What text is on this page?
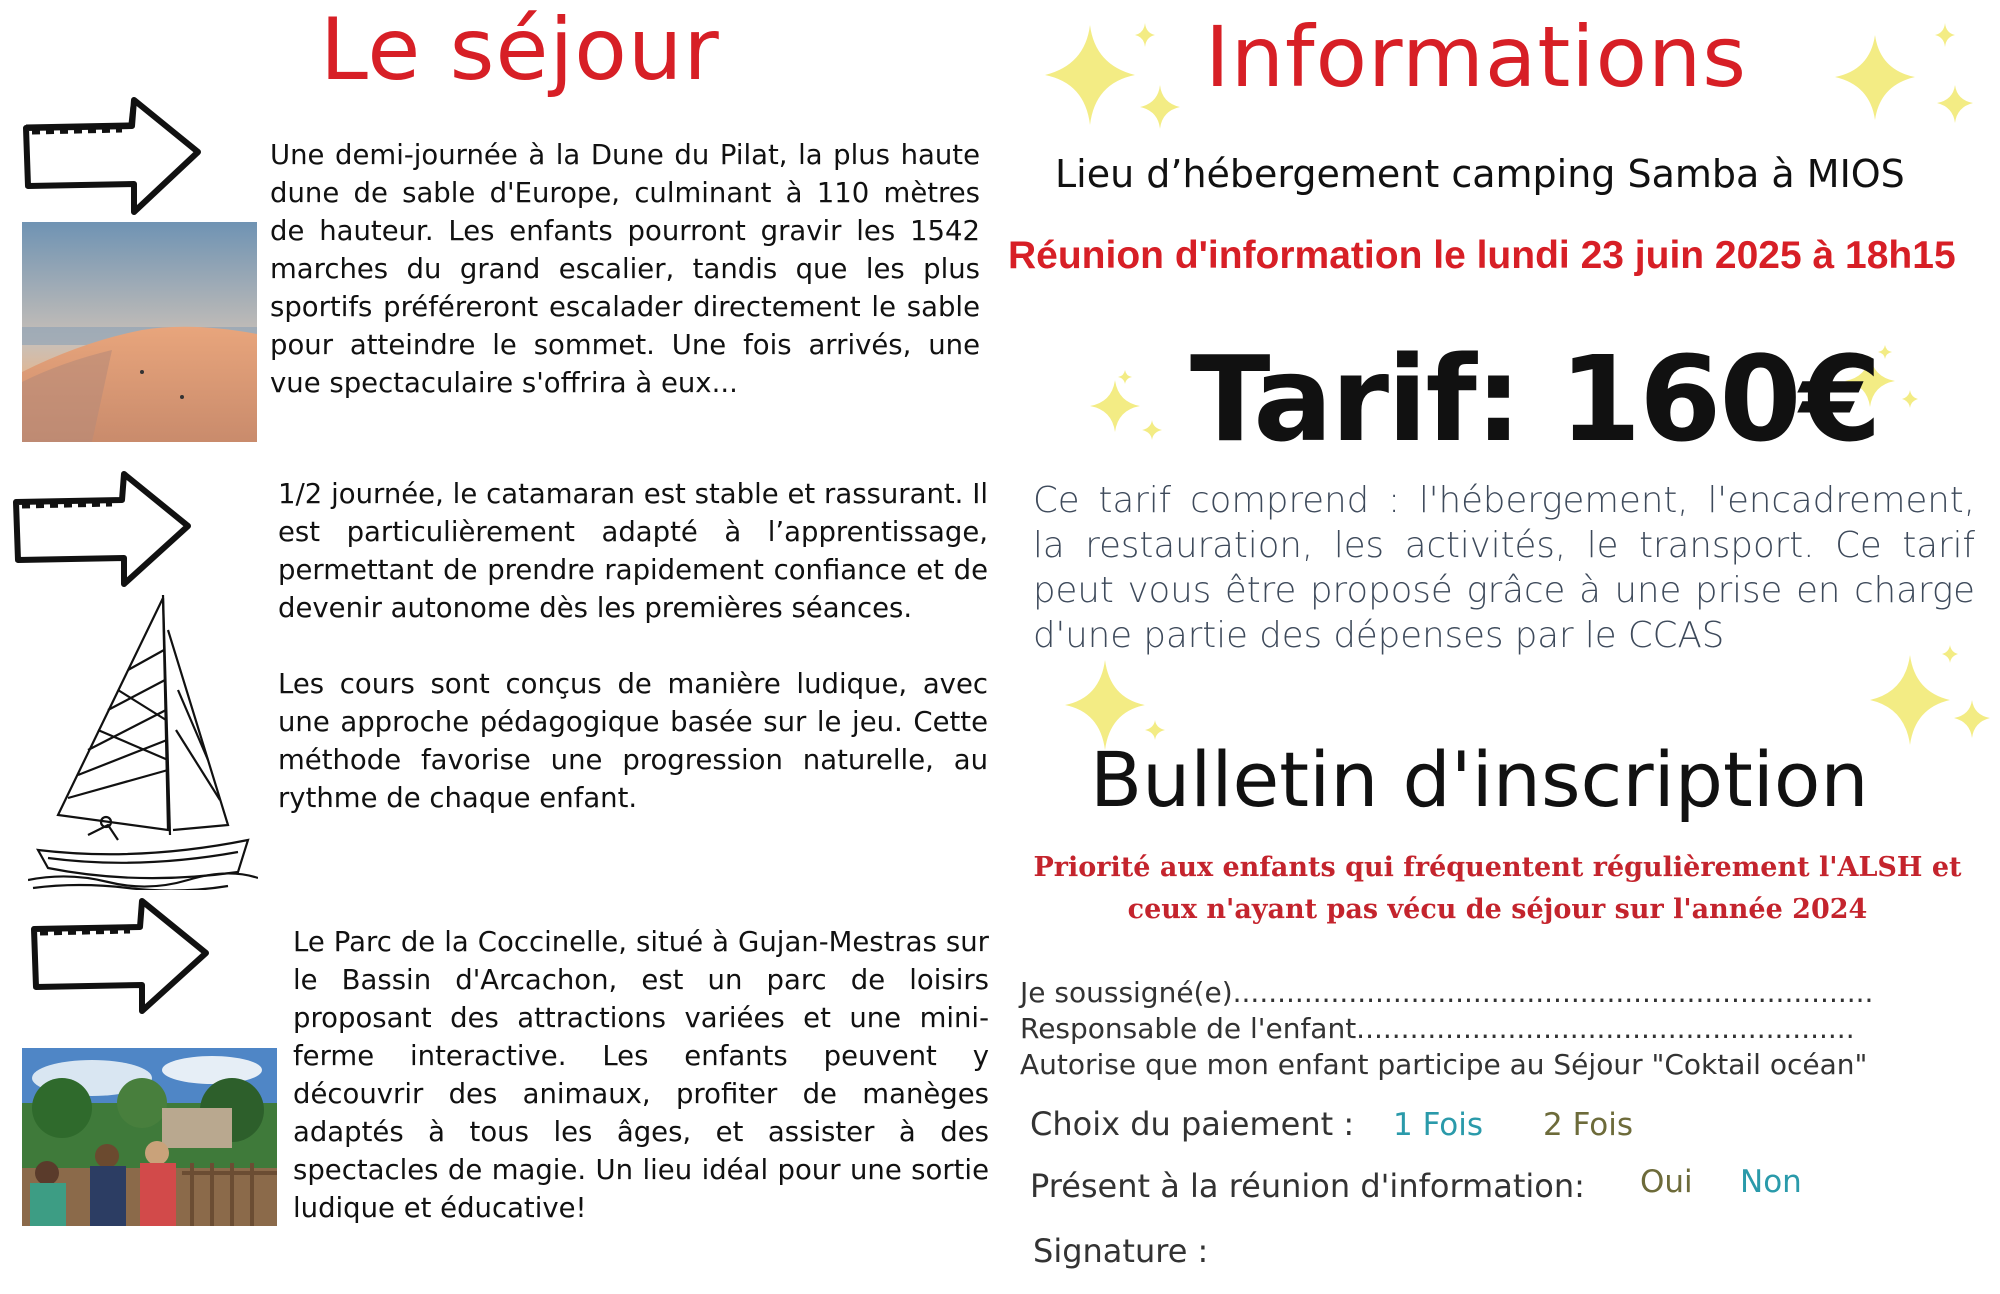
Le séjour
Une demi-journée à la Dune du Pilat, la plus haute dune de sable d'Europe, culminant à 110 mètres de hauteur. Les enfants pourront gravir les 1542 marches du grand escalier, tandis que les plus sportifs préféreront escalader directement le sable pour atteindre le sommet. Une fois arrivés, une vue spectaculaire s'offrira à eux...
1/2 journée, le catamaran est stable et rassurant. Il est particulièrement adapté à l’apprentissage, permettant de prendre rapidement confiance et de devenir autonome dès les premières séances.
Les cours sont conçus de manière ludique, avec une approche pédagogique basée sur le jeu. Cette méthode favorise une progression naturelle, au rythme de chaque enfant.
Le Parc de la Coccinelle, situé à Gujan-Mestras sur le Bassin d'Arcachon, est un parc de loisirs proposant des attractions variées et une mini-ferme interactive. Les enfants peuvent y découvrir des animaux, profiter de manèges adaptés à tous les âges, et assister à des spectacles de magie. Un lieu idéal pour une sortie ludique et éducative!
Informations
Lieu d’hébergement camping Samba à MIOS
Réunion d'information le lundi 23 juin 2025 à 18h15
Tarif: 160€
Ce tarif comprend : l'hébergement, l'encadrement, la restauration, les activités, le transport. Ce tarif peut vous être proposé grâce à une prise en charge d'une partie des dépenses par le CCAS
Bulletin d'inscription
Priorité aux enfants qui fréquentent régulièrement l'ALSH et ceux n'ayant pas vécu de séjour sur l'année 2024
Je soussigné(e)........................................................................ Responsable de l'enfant........................................................ Autorise que mon enfant participe au Séjour "Coktail océan"
Choix du paiement : 1 Fois 2 Fois
Présent à la réunion d'information: Oui Non
Signature :
